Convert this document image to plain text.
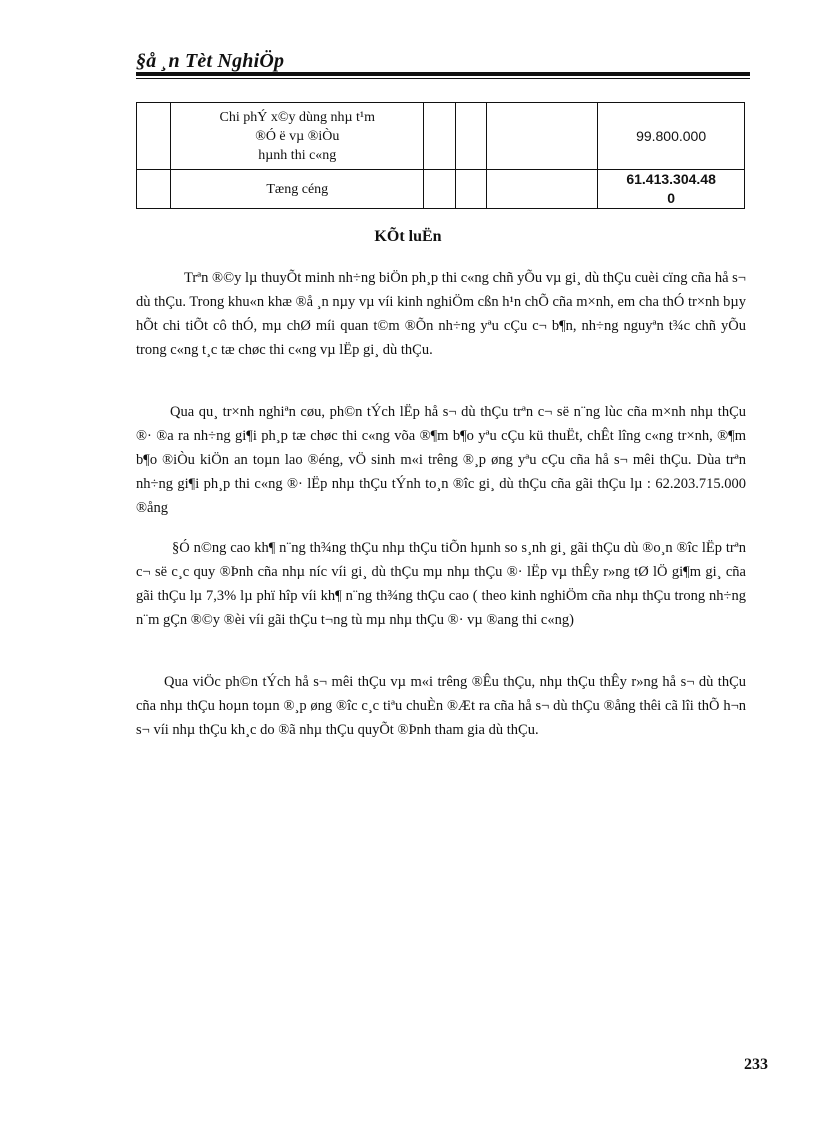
§å ¸n Tèt NghiÖp

	Chi phÝ x©y dùng nhµ t¹m
®Ó ë vµ ®iÒu
hµnh thi c«ng				99.800.000

	Tæng céng				61.413.304.48
0
KÕt luËn

Trªn ®©y lµ thuyÕt minh nh÷ng biÖn ph¸p thi c«ng chñ yÕu vµ gi¸ dù thÇu cuèi cïng cña hå s¬ dù thÇu. Trong khu«n khæ ®å ¸n nµy vµ víi kinh nghiÖm cßn h¹n chÕ cña m×nh, em cha thÓ tr×nh bµy hÕt chi tiÕt cô thÓ, mµ chØ míi quan t©m ®Õn nh÷ng yªu cÇu c¬ b¶n, nh÷ng nguyªn t¾c chñ yÕu trong c«ng t¸c tæ chøc thi c«ng vµ lËp gi¸ dù thÇu.

Qua qu¸ tr×nh nghiªn cøu, ph©n tÝch lËp hå s¬ dù thÇu trªn c¬ së n¨ng lùc cña m×nh nhµ thÇu ®· ®a ra nh÷ng gi¶i ph¸p tæ chøc thi c«ng võa ®¶m b¶o yªu cÇu kü thuËt, chÊt lîng c«ng tr×nh, ®¶m b¶o ®iÒu kiÖn an toµn lao ®éng, vÖ sinh m«i trêng ®¸p øng yªu cÇu cña hå s¬ mêi thÇu. Dùa trªn nh÷ng gi¶i ph¸p thi c«ng ®· lËp nhµ thÇu tÝnh to¸n ®îc gi¸ dù thÇu cña gãi thÇu lµ : 62.203.715.000 ®ång

§Ó n©ng cao kh¶ n¨ng th¾ng thÇu nhµ thÇu tiÕn hµnh so s¸nh gi¸ gãi thÇu dù ®o¸n ®îc lËp trªn c¬ së c¸c quy ®Þnh cña nhµ níc víi gi¸ dù thÇu mµ nhµ thÇu ®· lËp vµ thÊy r»ng tØ lÖ gi¶m gi¸ cña gãi thÇu lµ 7,3% lµ phï hîp víi kh¶ n¨ng th¾ng thÇu cao ( theo kinh nghiÖm cña nhµ thÇu trong nh÷ng n¨m gÇn ®©y ®èi víi gãi thÇu t¬ng tù mµ nhµ thÇu ®· vµ ®ang thi c«ng)

Qua viÖc ph©n tÝch hå s¬ mêi thÇu vµ m«i trêng ®Êu thÇu, nhµ thÇu thÊy r»ng hå s¬ dù thÇu cña nhµ thÇu hoµn toµn ®¸p øng ®îc c¸c tiªu chuÈn ®Æt ra cña hå s¬ dù thÇu ®ång thêi cã lîi thÕ h¬n s¬ víi nhµ thÇu kh¸c do ®ã nhµ thÇu quyÕt ®Þnh tham gia dù thÇu.

233
